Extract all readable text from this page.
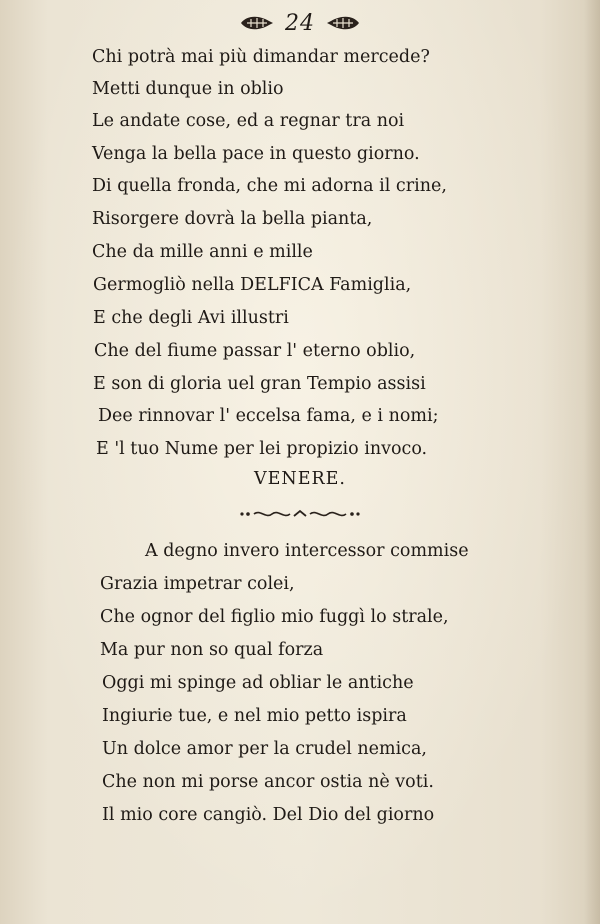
24
Chi potrà mai più dimandar mercede?
Metti dunque in oblio
Le andate cose, ed a regnar tra noi
Venga la bella pace in questo giorno.
Di quella fronda, che mi adorna il crine,
Risorgere dovrà la bella pianta,
Che da mille anni e mille
Germogliò nella DELFICA Famiglia,
E che degli Avi illustri
Che del fiume passar l' eterno oblio,
E son di gloria uel gran Tempio assisi
Dee rinnovar l' eccelsa fama, e i nomi;
E 'l tuo Nume per lei propizio invoco.
VENERE.
A degno invero intercessor commise
Grazia impetrar colei,
Che ognor del figlio mio fuggì lo strale,
Ma pur non so qual forza
Oggi mi spinge ad obliar le antiche
Ingiurie tue, e nel mio petto ispira
Un dolce amor per la crudel nemica,
Che non mi porse ancor ostia nè voti.
Il mio core cangiò. Del Dio del giorno
